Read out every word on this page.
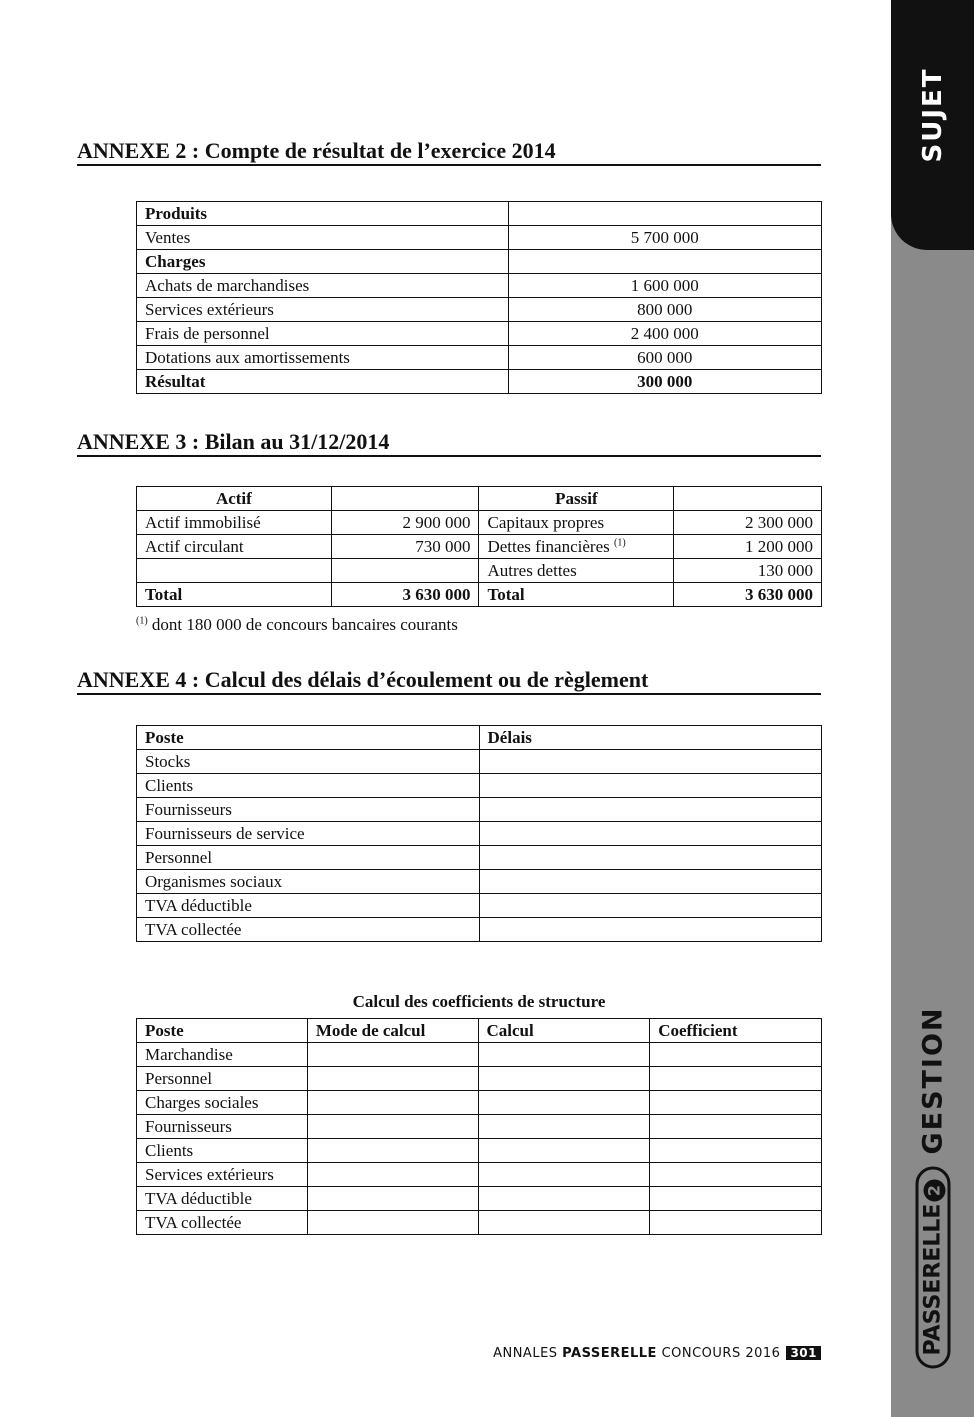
SUJET
GESTION
PASSERELLE2
ANNEXE 2 : Compte de résultat de l’exercice 2014
Produits	
Ventes	5 700 000
Charges	
Achats de marchandises	1 600 000
Services extérieurs	800 000
Frais de personnel	2 400 000
Dotations aux amortissements	600 000
Résultat	300 000
ANNEXE 3 : Bilan au 31/12/2014
Actif		Passif	
Actif immobilisé	2 900 000	Capitaux propres	2 300 000
Actif circulant	730 000	Dettes financières $^{(1)}$	1 200 000
		Autres dettes	130 000
Total	3 630 000	Total	3 630 000
$^{(1)}$ dont 180 000 de concours bancaires courants
ANNEXE 4 : Calcul des délais d’écoulement ou de règlement
Poste	Délais
Stocks	
Clients	
Fournisseurs	
Fournisseurs de service	
Personnel	
Organismes sociaux	
TVA déductible	
TVA collectée	
Calcul des coefficients de structure
Poste	Mode de calcul	Calcul	Coefficient
Marchandise			
Personnel			
Charges sociales			
Fournisseurs			
Clients			
Services extérieurs			
TVA déductible			
TVA collectée			
ANNALES PASSERELLE CONCOURS 2016 301
